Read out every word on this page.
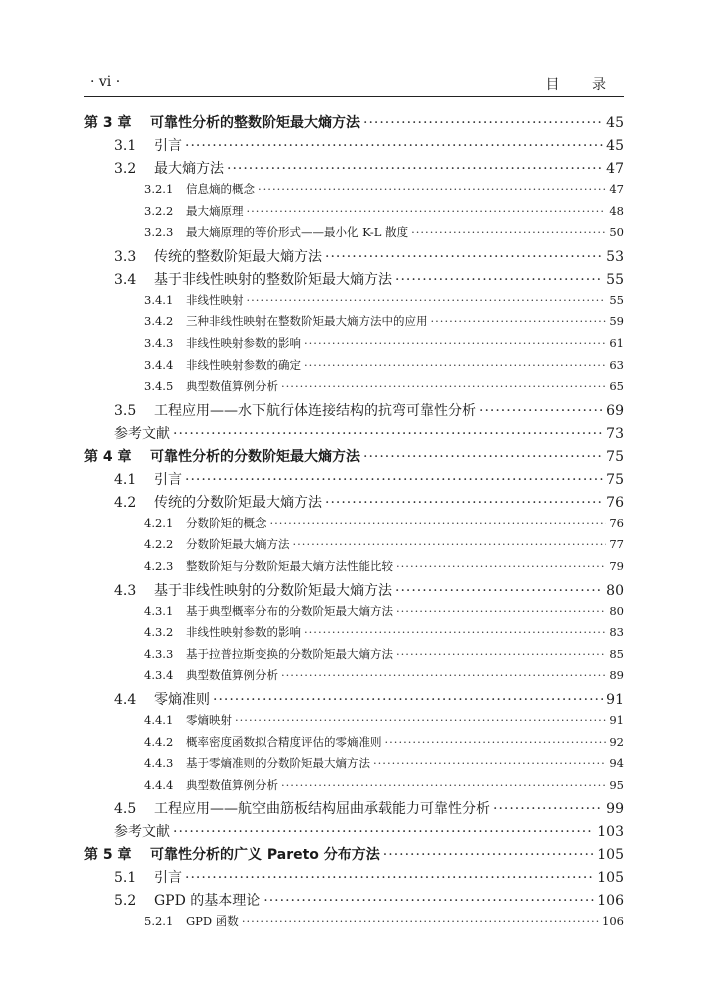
· vi ·	目 录
第 3 章	可靠性分析的整数阶矩最大熵方法 ·····	45
3.1	引言 ·····	45
3.2	最大熵方法 ·····	47
3.2.1	信息熵的概念 ·····	47
3.2.2	最大熵原理 ·····	48
3.2.3	最大熵原理的等价形式——最小化 K-L 散度 ·····	50
3.3	传统的整数阶矩最大熵方法 ·····	53
3.4	基于非线性映射的整数阶矩最大熵方法 ·····	55
3.4.1	非线性映射 ·····	55
3.4.2	三种非线性映射在整数阶矩最大熵方法中的应用 ·····	59
3.4.3	非线性映射参数的影响 ·····	61
3.4.4	非线性映射参数的确定 ·····	63
3.4.5	典型数值算例分析 ·····	65
3.5	工程应用——水下航行体连接结构的抗弯可靠性分析 ·····	69
参考文献 ·····	73
第 4 章	可靠性分析的分数阶矩最大熵方法 ·····	75
4.1	引言 ·····	75
4.2	传统的分数阶矩最大熵方法 ·····	76
4.2.1	分数阶矩的概念 ·····	76
4.2.2	分数阶矩最大熵方法 ·····	77
4.2.3	整数阶矩与分数阶矩最大熵方法性能比较 ·····	79
4.3	基于非线性映射的分数阶矩最大熵方法 ·····	80
4.3.1	基于典型概率分布的分数阶矩最大熵方法 ·····	80
4.3.2	非线性映射参数的影响 ·····	83
4.3.3	基于拉普拉斯变换的分数阶矩最大熵方法 ·····	85
4.3.4	典型数值算例分析 ·····	89
4.4	零熵准则 ·····	91
4.4.1	零熵映射 ·····	91
4.4.2	概率密度函数拟合精度评估的零熵准则 ·····	92
4.4.3	基于零熵准则的分数阶矩最大熵方法 ·····	94
4.4.4	典型数值算例分析 ·····	95
4.5	工程应用——航空曲筋板结构屈曲承载能力可靠性分析 ·····	99
参考文献 ·····	103
第 5 章	可靠性分析的广义 Pareto 分布方法 ·····	105
5.1	引言 ·····	105
5.2	GPD 的基本理论 ·····	106
5.2.1	GPD 函数 ·····	106
